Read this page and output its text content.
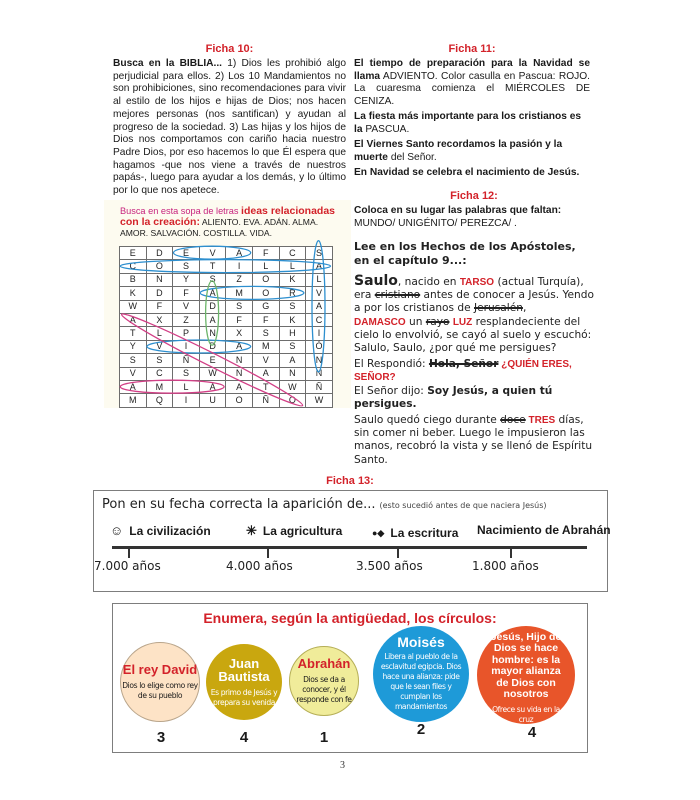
Ficha 10:
Busca en la BIBLIA... 1) Dios les prohibió algo perjudicial para ellos. 2) Los 10 Mandamientos no son prohibiciones, sino recomendaciones para vivir al estilo de los hijos e hijas de Dios; nos hacen mejores personas (nos santifican) y ayudan al progreso de la sociedad. 3) Las hijas y los hijos de Dios nos comportamos con cariño hacia nuestro Padre Dios, por eso hacemos lo que Él espera que hagamos -que nos viene a través de nuestros papás-, luego para ayudar a los demás, y lo último por lo que nos apetece.
Ficha 11:

El tiempo de preparación para la Navidad se llama ADVIENTO. Color casulla en Pascua: ROJO. La cuaresma comienza el MIÉRCOLES DE CENIZA.

La fiesta más importante para los cristianos es la PASCUA.

El Viernes Santo recordamos la pasión y la muerte del Señor.

En Navidad se celebra el nacimiento de Jesús.

Busca en esta sopa de letras ideas relacionadas con la creación: ALIENTO. EVA. ADÁN. ALMA. AMOR. SALVACIÓN. COSTILLA. VIDA.
E	D	E	V	A	F	C	S
C	O	S	T	I	L	L	A
B	N	Y	S	Z	O	K	L
K	D	F	A	M	O	R	V
W	F	V	D	S	G	S	A
A	X	Z	A	F	F	K	C
T	L	P	N	X	S	H	I
Y	V	I	D	A	M	S	Ó
S	S	Ñ	E	N	V	A	N
V	C	S	W	N	A	N	N
A	M	L	A	A	T	W	Ñ
M	Q	I	U	O	Ñ	O	W
Ficha 12:
Coloca en su lugar las palabras que faltan: MUNDO/ UNIGÉNITO/ PEREZCA/ .
Lee en los Hechos de los Apóstoles, en el capítulo 9...:

Saulo, nacido en TARSO (actual Turquía), era cristiano antes de conocer a Jesús. Yendo a por los cristianos de Jerusalén,
DAMASCO un rayo LUZ resplandeciente del cielo lo envolvió, se cayó al suelo y escuchó: Salulo, Saulo, ¿por qué me persigues?

El Respondió: Hola, Señor ¿QUIÉN ERES, SEÑOR?
El Señor dijo: Soy Jesús, a quien tú persigues.

Saulo quedó ciego durante doce TRES días, sin comer ni beber. Luego le impusieron las manos, recobró la vista y se llenó de Espíritu Santo.

Ficha 13:
Pon en su fecha correcta la aparición de... (esto sucedió antes de que naciera Jesús)
☺ La civilización	✳ La agricultura	●◆ La escritura Nacimiento de Abrahán
7.000 años	4.000 años	3.500 años	1.800 años
Enumera, según la antigüedad, los círculos:
El rey David
Dios lo elige como rey de su pueblo
Juan Bautista
Es primo de Jesús y prepara su venida
Abrahán
Dios se da a conocer, y él responde con fe
Moisés
Libera al pueblo de la esclavitud egipcia. Dios hace una alianza: pide que le sean files y cumplan los mandamientos
Jesús, Hijo de Dios se hace hombre: es la mayor alianza de Dios con nosotros
Ofrece su vida en la cruz
3	4	1	2	4
3
